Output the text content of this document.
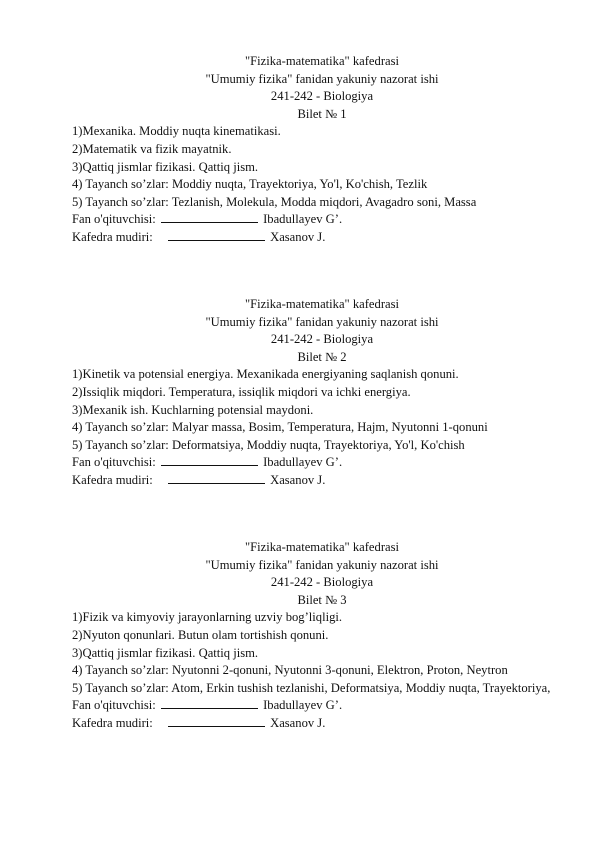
"Fizika-matematika" kafedrasi
"Umumiy fizika" fanidan yakuniy nazorat ishi
241-242 - Biologiya
Bilet № 1
1)Mexanika. Moddiy nuqta kinematikasi.
2)Matematik va fizik mayatnik.
3)Qattiq jismlar fizikasi. Qattiq jism.
4) Tayanch so’zlar: Moddiy nuqta, Trayektoriya, Yo'l, Ko'chish, Tezlik
5) Tayanch so’zlar: Tezlanish, Molekula, Modda miqdori, Avagadro soni, Massa
Fan o'qituvchisi:	Ibadullayev G’.
Kafedra mudiri:	Xasanov J.
"Fizika-matematika" kafedrasi
"Umumiy fizika" fanidan yakuniy nazorat ishi
241-242 - Biologiya
Bilet № 2
1)Kinetik va potensial energiya. Mexanikada energiyaning saqlanish qonuni.
2)Issiqlik miqdori. Temperatura, issiqlik miqdori va ichki energiya.
3)Mexanik ish. Kuchlarning potensial maydoni.
4) Tayanch so’zlar: Malyar massa, Bosim, Temperatura, Hajm, Nyutonni 1-qonuni
5) Tayanch so’zlar: Deformatsiya, Moddiy nuqta, Trayektoriya, Yo'l, Ko'chish
Fan o'qituvchisi:	Ibadullayev G’.
Kafedra mudiri:	Xasanov J.
"Fizika-matematika" kafedrasi
"Umumiy fizika" fanidan yakuniy nazorat ishi
241-242 - Biologiya
Bilet № 3
1)Fizik va kimyoviy jarayonlarning uzviy bog’liqligi.
2)Nyuton qonunlari. Butun olam tortishish qonuni.
3)Qattiq jismlar fizikasi. Qattiq jism.
4) Tayanch so’zlar: Nyutonni 2-qonuni, Nyutonni 3-qonuni, Elektron, Proton, Neytron
5) Tayanch so’zlar: Atom, Erkin tushish tezlanishi, Deformatsiya, Moddiy nuqta, Trayektoriya,
Fan o'qituvchisi:	Ibadullayev G’.
Kafedra mudiri:	Xasanov J.
